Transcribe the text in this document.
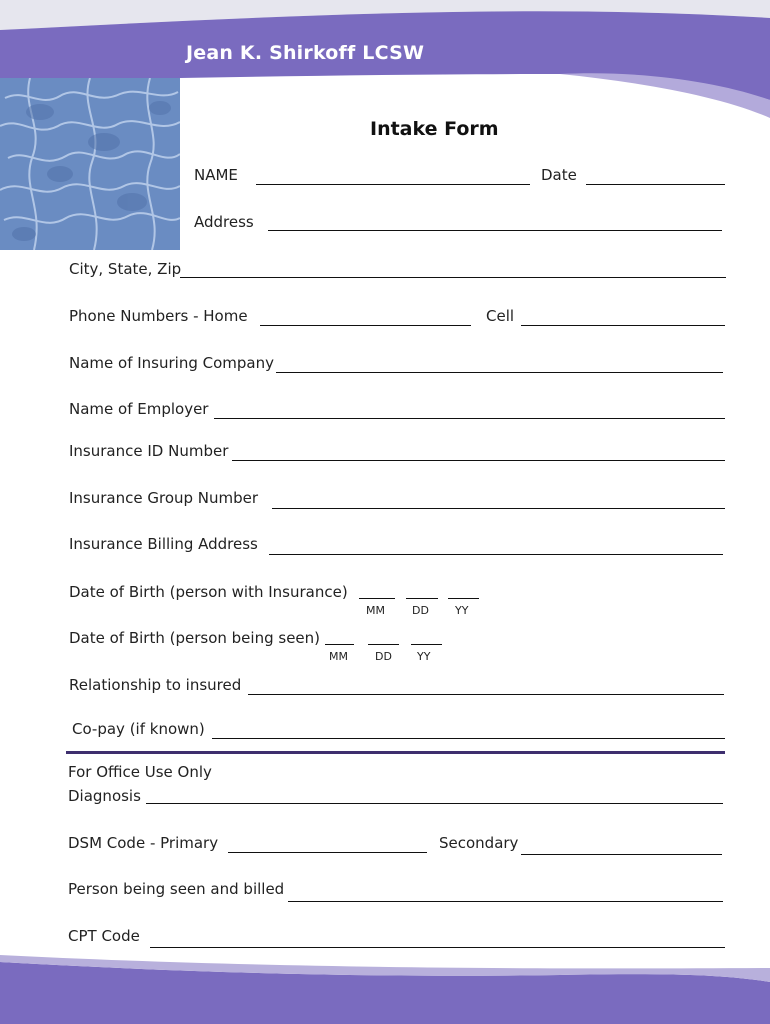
Jean K. Shirkoff LCSW
Intake Form
NAME	Date
Address
City, State, Zip
Phone Numbers - Home	Cell
Name of Insuring Company
Name of Employer
Insurance ID Number
Insurance Group Number
Insurance Billing Address
Date of Birth (person with Insurance)
MM DD YY
Date of Birth (person being seen)
MM DD YY
Relationship to insured
Co-pay (if known)
For Office Use Only
Diagnosis
DSM Code - Primary	Secondary
Person being seen and billed
CPT Code
